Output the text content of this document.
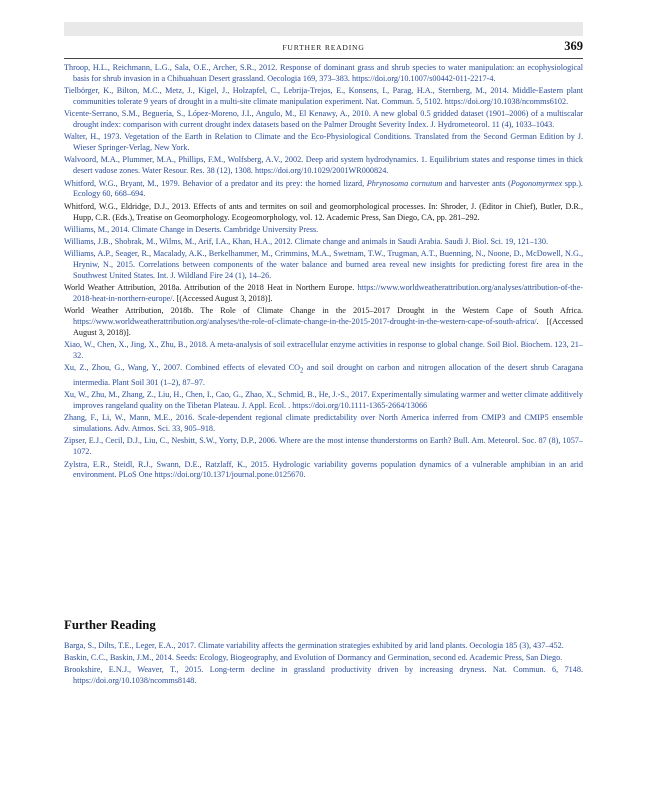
FURTHER READING	369

Throop, H.L., Reichmann, L.G., Sala, O.E., Archer, S.R., 2012. Response of dominant grass and shrub species to water manipulation: an ecophysiological basis for shrub invasion in a Chihuahuan Desert grassland. Oecologia 169, 373–383. https://doi.org/10.1007/s00442-011-2217-4.

Tielbörger, K., Bilton, M.C., Metz, J., Kigel, J., Holzapfel, C., Lebrija-Trejos, E., Konsens, I., Parag, H.A., Sternberg, M., 2014. Middle-Eastern plant communities tolerate 9 years of drought in a multi-site climate manipulation experiment. Nat. Commun. 5, 5102. https://doi.org/10.1038/ncomms6102.

Vicente-Serrano, S.M., Beguería, S., López-Moreno, J.I., Angulo, M., El Kenawy, A., 2010. A new global 0.5 gridded dataset (1901–2006) of a multiscalar drought index: comparison with current drought index datasets based on the Palmer Drought Severity Index. J. Hydrometeorol. 11 (4), 1033–1043.

Walter, H., 1973. Vegetation of the Earth in Relation to Climate and the Eco-Physiological Conditions. Translated from the Second German Edition by J. Wieser Springer-Verlag, New York.

Walvoord, M.A., Plummer, M.A., Phillips, F.M., Wolfsberg, A.V., 2002. Deep arid system hydrodynamics. 1. Equilibrium states and response times in thick desert vadose zones. Water Resour. Res. 38 (12), 1308. https://doi.org/10.1029/2001WR000824.

Whitford, W.G., Bryant, M., 1979. Behavior of a predator and its prey: the horned lizard, Phrynosoma cornutum and harvester ants (Pogonomyrmex spp.). Ecology 60, 668–694.

Whitford, W.G., Eldridge, D.J., 2013. Effects of ants and termites on soil and geomorphological processes. In: Shroder, J. (Editor in Chief), Butler, D.R., Hupp, C.R. (Eds.), Treatise on Geomorphology. Ecogeomorphology, vol. 12. Academic Press, San Diego, CA, pp. 281–292.

Williams, M., 2014. Climate Change in Deserts. Cambridge University Press.

Williams, J.B., Shobrak, M., Wilms, M., Arif, I.A., Khan, H.A., 2012. Climate change and animals in Saudi Arabia. Saudi J. Biol. Sci. 19, 121–130.

Williams, A.P., Seager, R., Macalady, A.K., Berkelhammer, M., Crimmins, M.A., Swetnam, T.W., Trugman, A.T., Buenning, N., Noone, D., McDowell, N.G., Hryniw, N., 2015. Correlations between components of the water balance and burned area reveal new insights for predicting forest fire area in the Southwest United States. Int. J. Wildland Fire 24 (1), 14–26.

World Weather Attribution, 2018a. Attribution of the 2018 Heat in Northern Europe. https://www.worldweatherattribution.org/analyses/attribution-of-the-2018-heat-in-northern-europe/. [(Accessed August 3, 2018)].

World Weather Attribution, 2018b. The Role of Climate Change in the 2015–2017 Drought in the Western Cape of South Africa. https://www.worldweatherattribution.org/analyses/the-role-of-climate-change-in-the-2015-2017-drought-in-the-western-cape-of-south-africa/. [(Accessed August 3, 2018)].

Xiao, W., Chen, X., Jing, X., Zhu, B., 2018. A meta-analysis of soil extracellular enzyme activities in response to global change. Soil Biol. Biochem. 123, 21–32.

Xu, Z., Zhou, G., Wang, Y., 2007. Combined effects of elevated $CO_2$ and soil drought on carbon and nitrogen allocation of the desert shrub Caragana intermedia. Plant Soil 301 (1–2), 87–97.

Xu, W., Zhu, M., Zhang, Z., Liu, H., Chen, I., Cao, G., Zhao, X., Schmid, B., He, J.-S., 2017. Experimentally simulating warmer and wetter climate additively improves rangeland quality on the Tibetan Plateau. J. Appl. Ecol. . https://doi.org/10.1111-1365-2664/13066

Zhang, F., Li, W., Mann, M.E., 2016. Scale-dependent regional climate predictability over North America inferred from CMIP3 and CMIP5 ensemble simulations. Adv. Atmos. Sci. 33, 905–918.

Zipser, E.J., Cecil, D.J., Liu, C., Nesbitt, S.W., Yorty, D.P., 2006. Where are the most intense thunderstorms on Earth? Bull. Am. Meteorol. Soc. 87 (8), 1057–1072.

Zylstra, E.R., Steidl, R.J., Swann, D.E., Ratzlaff, K., 2015. Hydrologic variability governs population dynamics of a vulnerable amphibian in an arid environment. PLoS One https://doi.org/10.1371/journal.pone.0125670.

Further Reading

Barga, S., Dilts, T.E., Leger, E.A., 2017. Climate variability affects the germination strategies exhibited by arid land plants. Oecologia 185 (3), 437–452.

Baskin, C.C., Baskin, J.M., 2014. Seeds: Ecology, Biogeography, and Evolution of Dormancy and Germination, second ed. Academic Press, San Diego.

Brookshire, E.N.J., Weaver, T., 2015. Long-term decline in grassland productivity driven by increasing dryness. Nat. Commun. 6, 7148. https://doi.org/10.1038/ncomms8148.
